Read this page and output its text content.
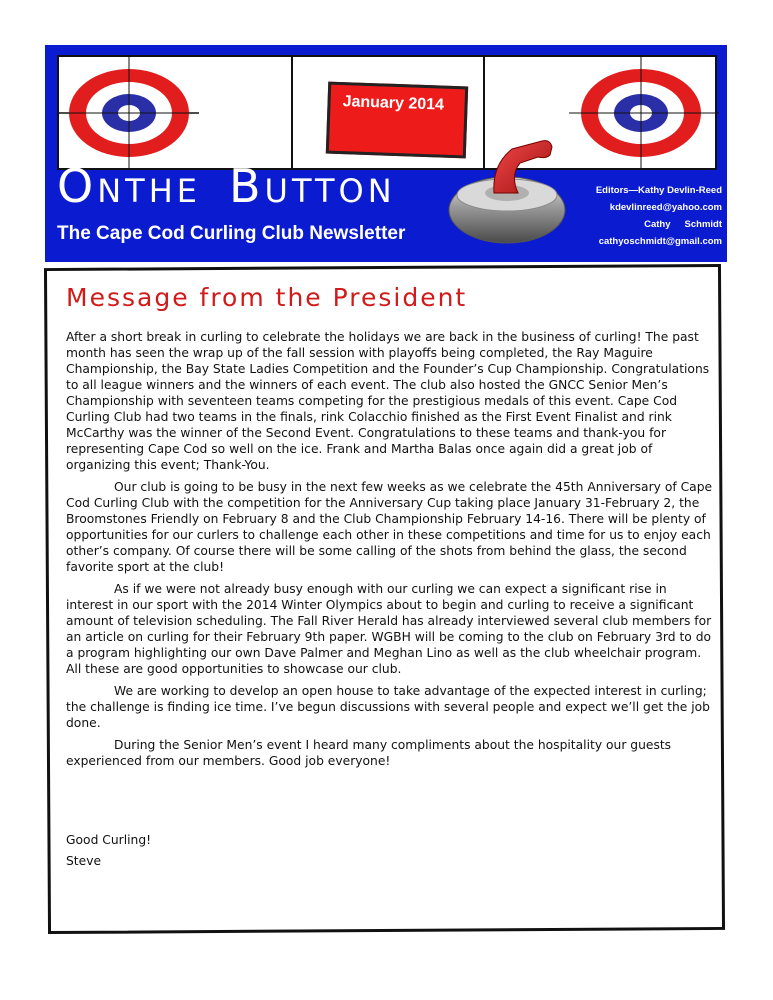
January 2014
ONTHE BUTTON
The Cape Cod Curling Club Newsletter
Editors—Kathy Devlin-Reed
kdevlinreed@yahoo.com
Cathy Schmidt
cathyoschmidt@gmail.com
Message from the President

After a short break in curling to celebrate the holidays we are back in the business of curling! The past month has seen the wrap up of the fall session with playoffs being completed, the Ray Maguire Championship, the Bay State Ladies Competition and the Founder’s Cup Championship. Congratulations to all league winners and the winners of each event. The club also hosted the GNCC Senior Men’s Championship with seventeen teams competing for the prestigious medals of this event. Cape Cod Curling Club had two teams in the finals, rink Colacchio finished as the First Event Finalist and rink McCarthy was the winner of the Second Event. Congratulations to these teams and thank-you for representing Cape Cod so well on the ice. Frank and Martha Balas once again did a great job of organizing this event; Thank-You.

Our club is going to be busy in the next few weeks as we celebrate the 45th Anniversary of Cape Cod Curling Club with the competition for the Anniversary Cup taking place January 31-February 2, the Broomstones Friendly on February 8 and the Club Championship February 14-16. There will be plenty of opportunities for our curlers to challenge each other in these competitions and time for us to enjoy each other’s company. Of course there will be some calling of the shots from behind the glass, the second favorite sport at the club!

As if we were not already busy enough with our curling we can expect a significant rise in interest in our sport with the 2014 Winter Olympics about to begin and curling to receive a significant amount of television scheduling. The Fall River Herald has already interviewed several club members for an article on curling for their February 9th paper. WGBH will be coming to the club on February 3rd to do a program highlighting our own Dave Palmer and Meghan Lino as well as the club wheelchair program. All these are good opportunities to showcase our club.

We are working to develop an open house to take advantage of the expected interest in curling; the challenge is finding ice time. I’ve begun discussions with several people and expect we’ll get the job done.

During the Senior Men’s event I heard many compliments about the hospitality our guests experienced from our members. Good job everyone!

Good Curling!
Steve
